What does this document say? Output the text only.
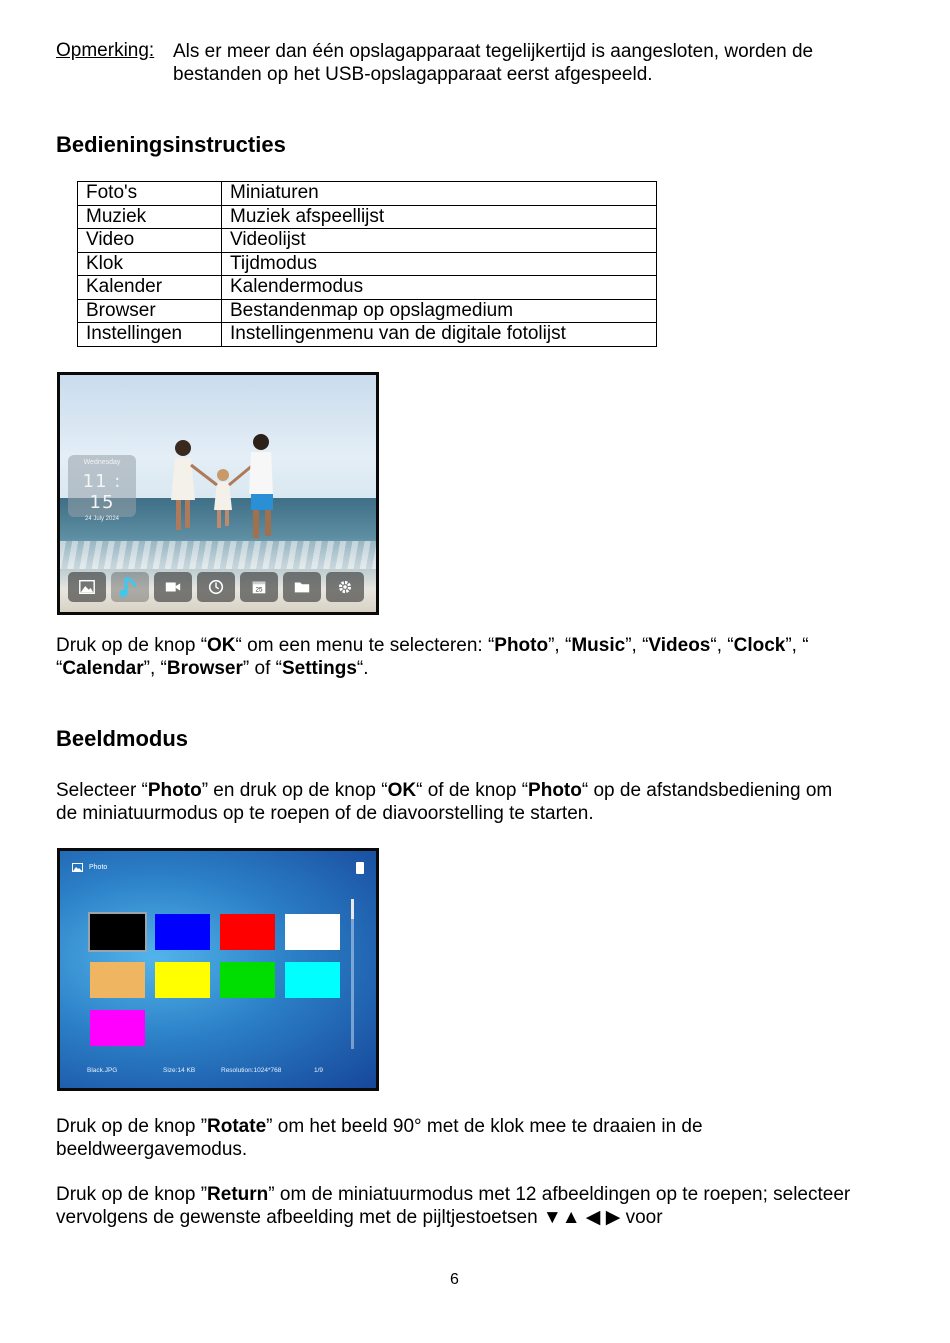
Opmerking: Als er meer dan één opslagapparaat tegelijkertijd is aangesloten, worden de bestanden op het USB-opslagapparaat eerst afgespeeld.
Bedieningsinstructies
Foto's	Miniaturen
Muziek	Muziek afspeellijst
Video	Videolijst
Klok	Tijdmodus
Kalender	Kalendermodus
Browser	Bestandenmap op opslagmedium
Instellingen	Instellingenmenu van de digitale fotolijst
Wednesday
11 : 15
24 July 2024
25
Druk op de knop “OK“ om een menu te selecteren: “Photo”, “Music”, “Videos“, “Clock”, “
“Calendar”, “Browser” of “Settings“.
Beeldmodus
Selecteer “Photo” en druk op de knop “OK“ of de knop “Photo“ op de afstandsbediening om de miniatuurmodus op te roepen of de diavoorstelling te starten.
Photo
Black.JPG	Size:14 KB	Resolution:1024*768	1/9
Druk op de knop ”Rotate” om het beeld 90° met de klok mee te draaien in de beeldweergavemodus.
Druk op de knop ”Return” om de miniatuurmodus met 12 afbeeldingen op te roepen; selecteer vervolgens de gewenste afbeelding met de pijltjestoetsen ▼▲ ◀ ▶ voor
6
